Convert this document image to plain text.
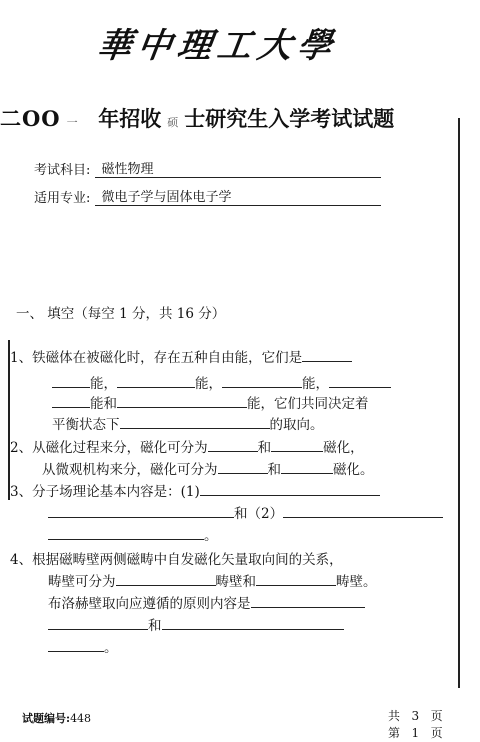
華中理工大學
二OO 一 年招收 硕 士研究生入学考试试题
考试科目: 磁性物理
适用专业: 微电子学与固体电子学
一、 填空（每空 1 分，共 16 分）
1、铁磁体在被磁化时，存在五种自由能，它们是
能，	能，	能，
能和	能，它们共同决定着
平衡状态下	的取向。
2、从磁化过程来分，磁化可分为	和	磁化，
从微观机构来分，磁化可分为	和	磁化。
3、分子场理论基本内容是：(1)
和（2）
。
4、根据磁畴壁两侧磁畴中自发磁化矢量取向间的关系，
畴壁可分为	畴壁和	畴壁。
布洛赫壁取向应遵循的原则内容是
和
。
试题编号:448	共 3 页
第 1 页
